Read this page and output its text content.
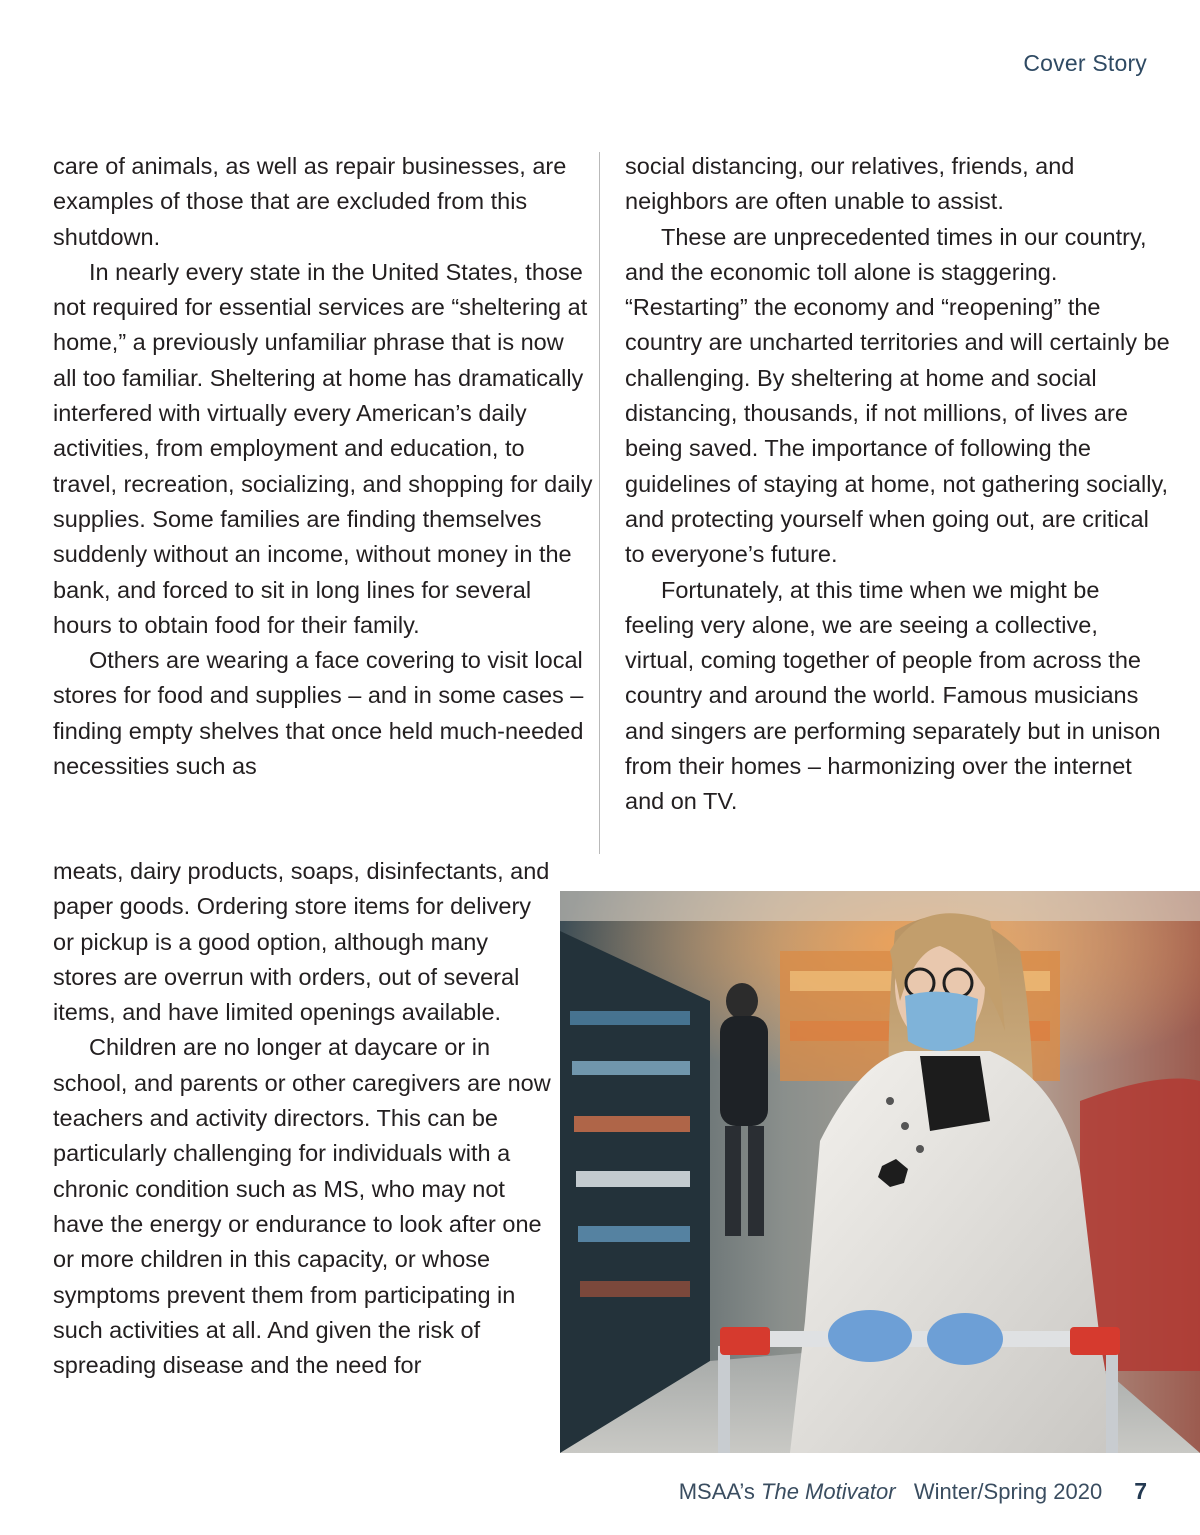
Cover Story

care of animals, as well as repair businesses, are examples of those that are excluded from this shutdown.

In nearly every state in the United States, those not required for essential services are “sheltering at home,” a previously unfamiliar phrase that is now all too familiar. Sheltering at home has dramatically interfered with virtually every American’s daily activities, from employment and education, to travel, recreation, socializing, and shopping for daily supplies. Some families are finding themselves suddenly without an income, without money in the bank, and forced to sit in long lines for several hours to obtain food for their family.

Others are wearing a face covering to visit local stores for food and supplies – and in some cases – finding empty shelves that once held much-needed necessities such as

meats, dairy products, soaps, disinfectants, and paper goods. Ordering store items for delivery or pickup is a good option, although many stores are overrun with orders, out of several items, and have limited openings available.

Children are no longer at daycare or in school, and parents or other caregivers are now teachers and activity directors. This can be particularly challenging for individuals with a chronic condition such as MS, who may not have the energy or endurance to look after one or more children in this capacity, or whose symptoms prevent them from participating in such activities at all. And given the risk of spreading disease and the need for

social distancing, our relatives, friends, and neighbors are often unable to assist.

These are unprecedented times in our country, and the economic toll alone is staggering. “Restarting” the economy and “reopening” the country are uncharted territories and will certainly be challenging. By sheltering at home and social distancing, thousands, if not millions, of lives are being saved. The importance of following the guidelines of staying at home, not gathering socially, and protecting yourself when going out, are critical to everyone’s future.

Fortunately, at this time when we might be feeling very alone, we are seeing a collective, virtual, coming together of people from across the country and around the world. Famous musicians and singers are performing separately but in unison from their homes – harmonizing over the internet and on TV.

MSAA’s
The Motivator
Winter/Spring 2020 7
